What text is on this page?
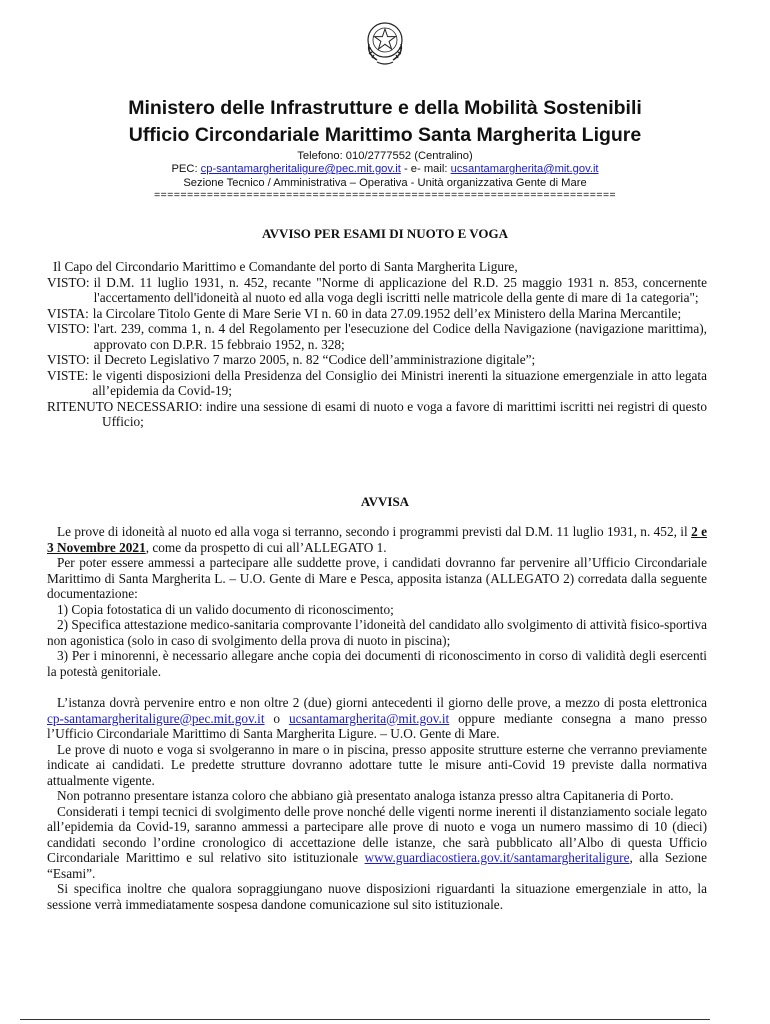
Ministero delle Infrastrutture e della Mobilità Sostenibili
Ufficio Circondariale Marittimo Santa Margherita Ligure
Telefono: 010/2777552 (Centralino)
PEC: cp-santamargheritaligure@pec.mit.gov.it - e- mail: ucsantamargherita@mit.gov.it
Sezione Tecnico / Amministrativa – Operativa - Unità organizzativa Gente di Mare
======================================================================
AVVISO PER ESAMI DI NUOTO E VOGA
Il Capo del Circondario Marittimo e Comandante del porto di Santa Margherita Ligure,
VISTO: il D.M. 11 luglio 1931, n. 452, recante "Norme di applicazione del R.D. 25 maggio 1931 n. 853, concernente l'accertamento dell'idoneità al nuoto ed alla voga degli iscritti nelle matricole della gente di mare di 1a categoria";
VISTA: la Circolare Titolo Gente di Mare Serie VI n. 60 in data 27.09.1952 dell’ex Ministero della Marina Mercantile;
VISTO: l'art. 239, comma 1, n. 4 del Regolamento per l'esecuzione del Codice della Navigazione (navigazione marittima), approvato con D.P.R. 15 febbraio 1952, n. 328;
VISTO: il Decreto Legislativo 7 marzo 2005, n. 82 “Codice dell’amministrazione digitale”;
VISTE: le vigenti disposizioni della Presidenza del Consiglio dei Ministri inerenti la situazione emergenziale in atto legata all’epidemia da Covid-19;
RITENUTO NECESSARIO: indire una sessione di esami di nuoto e voga a favore di marittimi iscritti nei registri di questo Ufficio;
AVVISA

Le prove di idoneità al nuoto ed alla voga si terranno, secondo i programmi previsti dal D.M. 11 luglio 1931, n. 452, il 2 e 3 Novembre 2021, come da prospetto di cui all’ALLEGATO 1.

Per poter essere ammessi a partecipare alle suddette prove, i candidati dovranno far pervenire all’Ufficio Circondariale Marittimo di Santa Margherita L. – U.O. Gente di Mare e Pesca, apposita istanza (ALLEGATO 2) corredata dalla seguente documentazione:

1) Copia fotostatica di un valido documento di riconoscimento;

2) Specifica attestazione medico-sanitaria comprovante l’idoneità del candidato allo svolgimento di attività fisico-sportiva non agonistica (solo in caso di svolgimento della prova di nuoto in piscina);

3) Per i minorenni, è necessario allegare anche copia dei documenti di riconoscimento in corso di validità degli esercenti la potestà genitoriale.

L’istanza dovrà pervenire entro e non oltre 2 (due) giorni antecedenti il giorno delle prove, a mezzo di posta elettronica cp-santamargheritaligure@pec.mit.gov.it o ucsantamargherita@mit.gov.it oppure mediante consegna a mano presso l’Ufficio Circondariale Marittimo di Santa Margherita Ligure. – U.O. Gente di Mare.

Le prove di nuoto e voga si svolgeranno in mare o in piscina, presso apposite strutture esterne che verranno previamente indicate ai candidati. Le predette strutture dovranno adottare tutte le misure anti-Covid 19 previste dalla normativa attualmente vigente.

Non potranno presentare istanza coloro che abbiano già presentato analoga istanza presso altra Capitaneria di Porto.

Considerati i tempi tecnici di svolgimento delle prove nonché delle vigenti norme inerenti il distanziamento sociale legato all’epidemia da Covid-19, saranno ammessi a partecipare alle prove di nuoto e voga un numero massimo di 10 (dieci) candidati secondo l’ordine cronologico di accettazione delle istanze, che sarà pubblicato all’Albo di questa Ufficio Circondariale Marittimo e sul relativo sito istituzionale www.guardiacostiera.gov.it/santamargheritaligure, alla Sezione “Esami”.

Si specifica inoltre che qualora sopraggiungano nuove disposizioni riguardanti la situazione emergenziale in atto, la sessione verrà immediatamente sospesa dandone comunicazione sul sito istituzionale.
